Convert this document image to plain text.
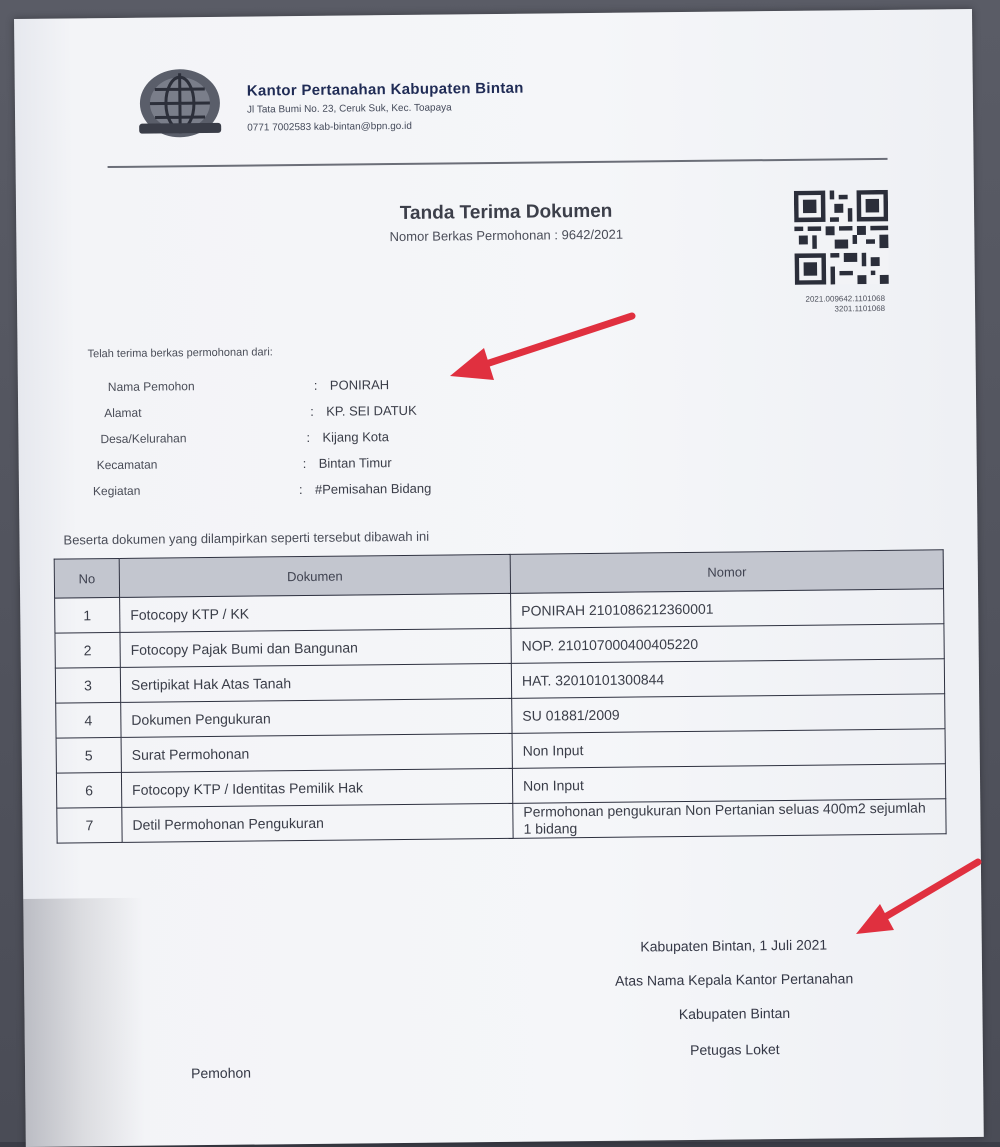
Kantor Pertanahan Kabupaten Bintan
Jl Tata Bumi No. 23, Ceruk Suk, Kec. Toapaya
0771 7002583 kab-bintan@bpn.go.id
Tanda Terima Dokumen
Nomor Berkas Permohonan : 9642/2021
2021.009642.1101068
3201.1101068
Telah terima berkas permohonan dari:
Nama Pemohon	: PONIRAH
Alamat	: KP. SEI DATUK
Desa/Kelurahan	: Kijang Kota
Kecamatan	: Bintan Timur
Kegiatan	: #Pemisahan Bidang
Beserta dokumen yang dilampirkan seperti tersebut dibawah ini
No	Dokumen	Nomor
1	Fotocopy KTP / KK	PONIRAH 2101086212360001
2	Fotocopy Pajak Bumi dan Bangunan	NOP. 210107000400405220
3	Sertipikat Hak Atas Tanah	HAT. 32010101300844
4	Dokumen Pengukuran	SU 01881/2009
5	Surat Permohonan	Non Input
6	Fotocopy KTP / Identitas Pemilik Hak	Non Input
7	Detil Permohonan Pengukuran	Permohonan pengukuran Non Pertanian seluas 400m2 sejumlah 1 bidang
Kabupaten Bintan, 1 Juli 2021
Atas Nama Kepala Kantor Pertanahan
Kabupaten Bintan
Petugas Loket
Pemohon
